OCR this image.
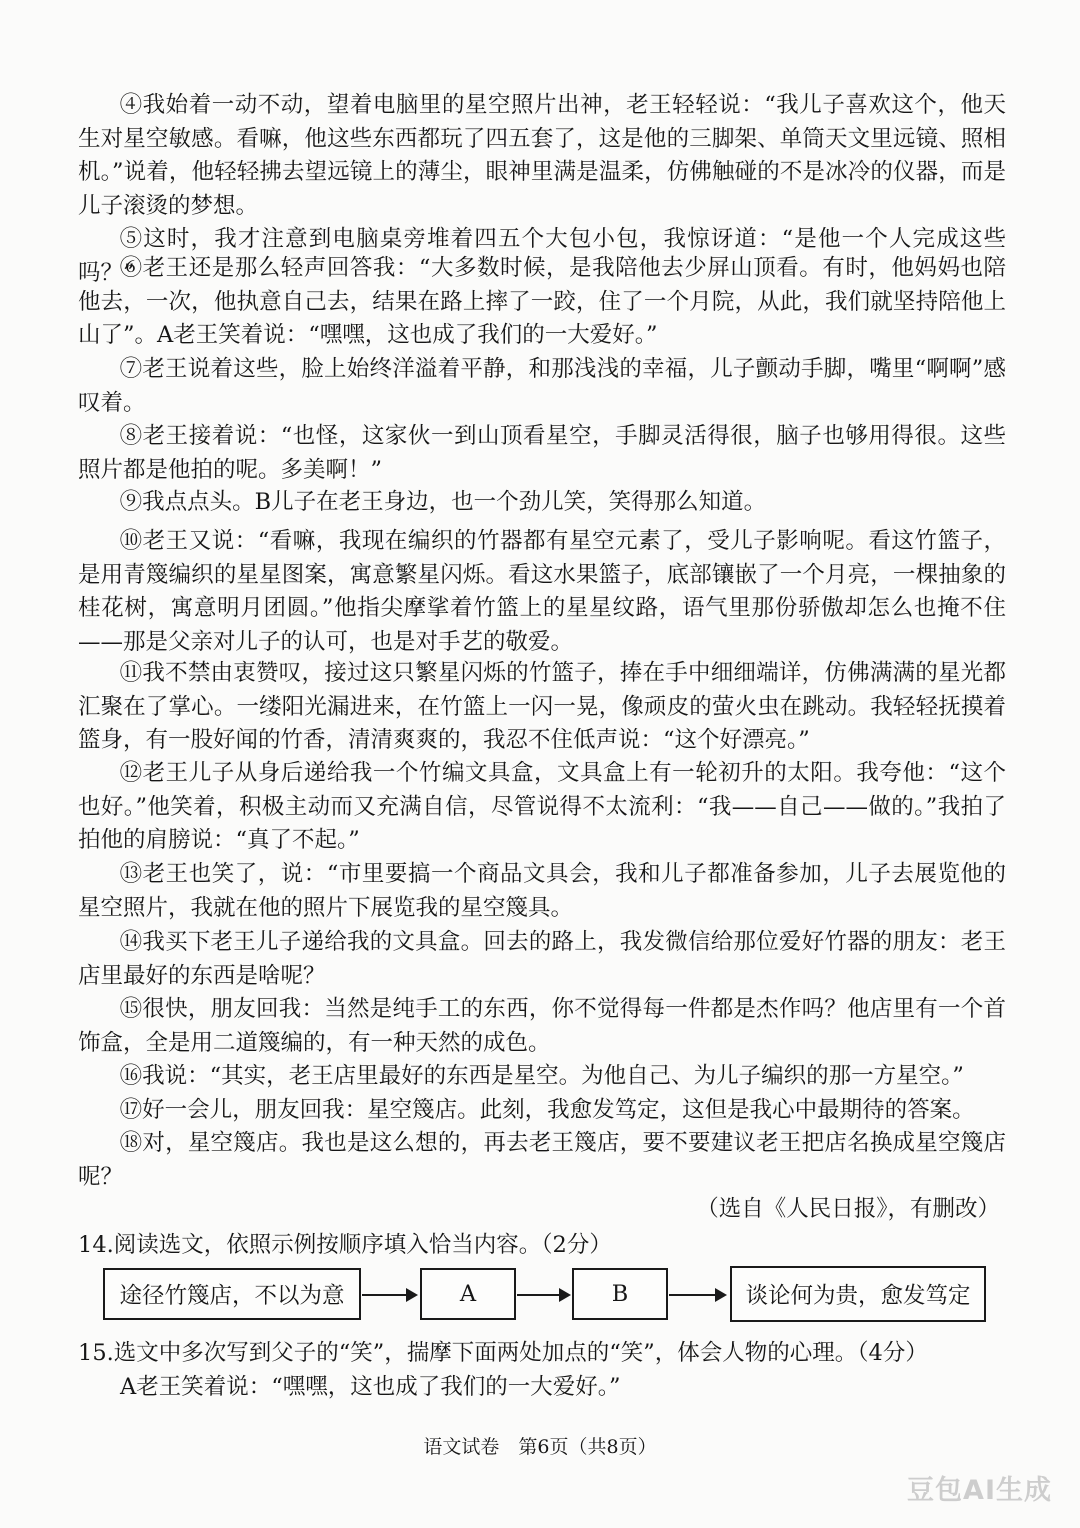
④我始着一动不动，望着电脑里的星空照片出神，老王轻轻说：“我儿子喜欢这个，他天生对星空敏感。看嘛，他这些东西都玩了四五套了，这是他的三脚架、单筒天文里远镜、照相机。”说着，他轻轻拂去望远镜上的薄尘，眼神里满是温柔，仿佛触碰的不是冰冷的仪器，而是儿子滚烫的梦想。

⑤这时，我才注意到电脑桌旁堆着四五个大包小包，我惊讶道：“是他一个人完成这些吗？”

⑥老王还是那么轻声回答我：“大多数时候，是我陪他去少屏山顶看。有时，他妈妈也陪他去，一次，他执意自己去，结果在路上摔了一跤，住了一个月院，从此，我们就坚持陪他上山了”。A老王笑着说：“嘿嘿，这也成了我们的一大爱好。”

⑦老王说着这些，脸上始终洋溢着平静，和那浅浅的幸福，儿子颤动手脚，嘴里“啊啊”感叹着。

⑧老王接着说：“也怪，这家伙一到山顶看星空，手脚灵活得很，脑子也够用得很。这些照片都是他拍的呢。多美啊！”

⑨我点点头。B儿子在老王身边，也一个劲儿笑，笑得那么知道。

⑩老王又说：“看嘛，我现在编织的竹器都有星空元素了，受儿子影响呢。看这竹篮子，是用青篾编织的星星图案，寓意繁星闪烁。看这水果篮子，底部镶嵌了一个月亮，一棵抽象的桂花树，寓意明月团圆。”他指尖摩挲着竹篮上的星星纹路，语气里那份骄傲却怎么也掩不住——那是父亲对儿子的认可，也是对手艺的敬爱。

⑪我不禁由衷赞叹，接过这只繁星闪烁的竹篮子，捧在手中细细端详，仿佛满满的星光都汇聚在了掌心。一缕阳光漏进来，在竹篮上一闪一晃，像顽皮的萤火虫在跳动。我轻轻抚摸着篮身，有一股好闻的竹香，清清爽爽的，我忍不住低声说：“这个好漂亮。”

⑫老王儿子从身后递给我一个竹编文具盒，文具盒上有一轮初升的太阳。我夸他：“这个也好。”他笑着，积极主动而又充满自信，尽管说得不太流利：“我——自己——做的。”我拍了拍他的肩膀说：“真了不起。”

⑬老王也笑了，说：“市里要搞一个商品文具会，我和儿子都准备参加，儿子去展览他的星空照片，我就在他的照片下展览我的星空篾具。

⑭我买下老王儿子递给我的文具盒。回去的路上，我发微信给那位爱好竹器的朋友：老王店里最好的东西是啥呢？

⑮很快，朋友回我：当然是纯手工的东西，你不觉得每一件都是杰作吗？他店里有一个首饰盒，全是用二道篾编的，有一种天然的成色。

⑯我说：“其实，老王店里最好的东西是星空。为他自己、为儿子编织的那一方星空。”

⑰好一会儿，朋友回我：星空篾店。此刻，我愈发笃定，这但是我心中最期待的答案。

⑱对，星空篾店。我也是这么想的，再去老王篾店，要不要建议老王把店名换成星空篾店呢？

（选自《人民日报》，有删改）
14.阅读选文，依照示例按顺序填入恰当内容。（2分）
途径竹篾店，不以为意	A	B	谈论何为贵，愈发笃定
15.选文中多次写到父子的“笑”，揣摩下面两处加点的“笑”，体会人物的心理。（4分）
A老王笑着说：“嘿嘿，这也成了我们的一大爱好。”
语文试卷　第6页（共8页）
豆包AI生成
